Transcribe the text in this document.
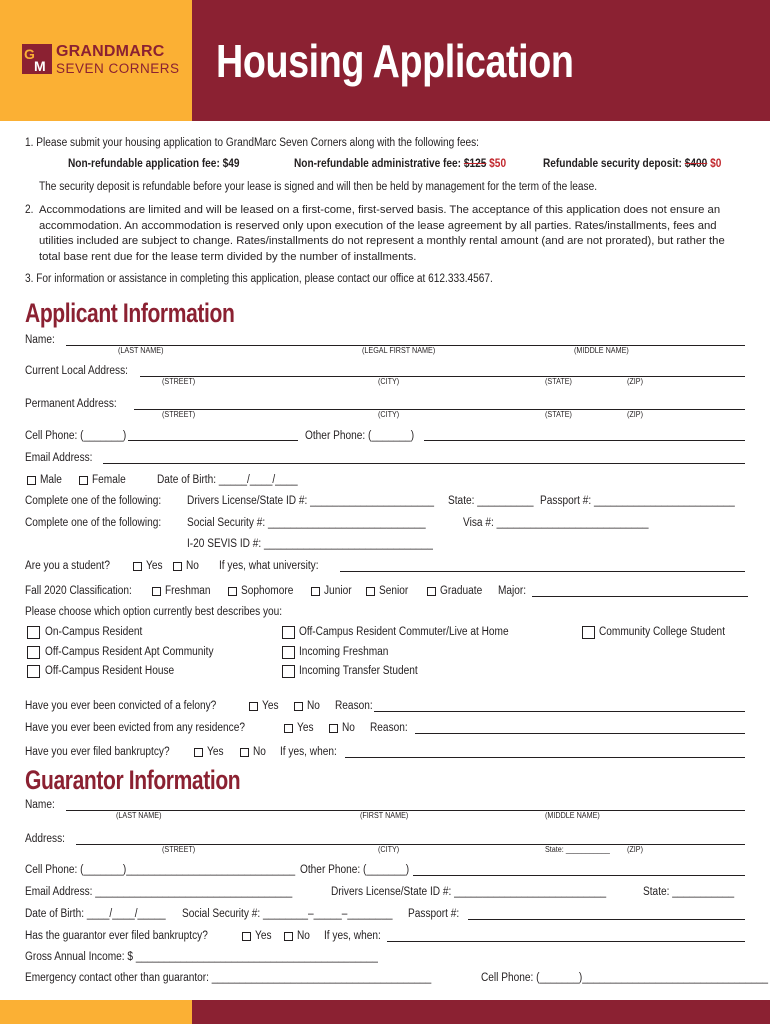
G
M
GRANDMARC
SEVEN CORNERS Housing Application
1. Please submit your housing application to GrandMarc Seven Corners along with the following fees:
Non-refundable application fee: $49	Non-refundable administrative fee: $125 $50	Refundable security deposit: $400 $0
The security deposit is refundable before your lease is signed and will then be held by management for the term of the lease.
2. Accommodations are limited and will be leased on a first-come, first-served basis. The acceptance of this application does not ensure an accommodation. An accommodation is reserved only upon execution of the lease agreement by all parties. Rates/installments, fees and utilities included are subject to change. Rates/installments do not represent a monthly rental amount (and are not prorated), but rather the total base rent due for the lease term divided by the number of installments.
3. For information or assistance in completing this application, please contact our office at 612.333.4567.
Applicant Information
Name:
(LAST NAME)	(LEGAL FIRST NAME)	(MIDDLE NAME)
Current Local Address:
(STREET)	(CITY)	(STATE)	(ZIP)
Permanent Address:
(STREET)	(CITY)	(STATE)	(ZIP)
Cell Phone: (_______)	Other Phone: (_______)
Email Address:
Male	Female	Date of Birth: _____/____/____
Complete one of the following: Drivers License/State ID #: ______________________ State: __________ Passport #: _________________________
Complete one of the following: Social Security #: ____________________________	Visa #: ___________________________
I-20 SEVIS ID #: ______________________________
Are you a student?	Yes No If yes, what university:
Fall 2020 Classification:	Freshman	Sophomore	Junior Senior	Graduate Major:
Please choose which option currently best describes you:
On-Campus Resident	Off-Campus Resident Commuter/Live at Home	Community College Student
Off-Campus Resident Apt Community	Incoming Freshman
Off-Campus Resident House	Incoming Transfer Student
Have you ever been convicted of a felony?	Yes No Reason:
Have you ever been evicted from any residence?	Yes No Reason:
Have you ever filed bankruptcy?	Yes	No If yes, when:
Guarantor Information
Name:
(LAST NAME)	(FIRST NAME)	(MIDDLE NAME)
Address:
(STREET)	(CITY)	State: ___________ (ZIP)
Cell Phone: (_______)______________________________ Other Phone: (_______)
Email Address: ___________________________________	Drivers License/State ID #: ___________________________	State: ___________
Date of Birth: ____/____/_____ Social Security #: ________–_____–________ Passport #:
Has the guarantor ever filed bankruptcy?	Yes No If yes, when:
Gross Annual Income: $ ___________________________________________
Emergency contact other than guarantor: _______________________________________	Cell Phone: (_______)_________________________________
